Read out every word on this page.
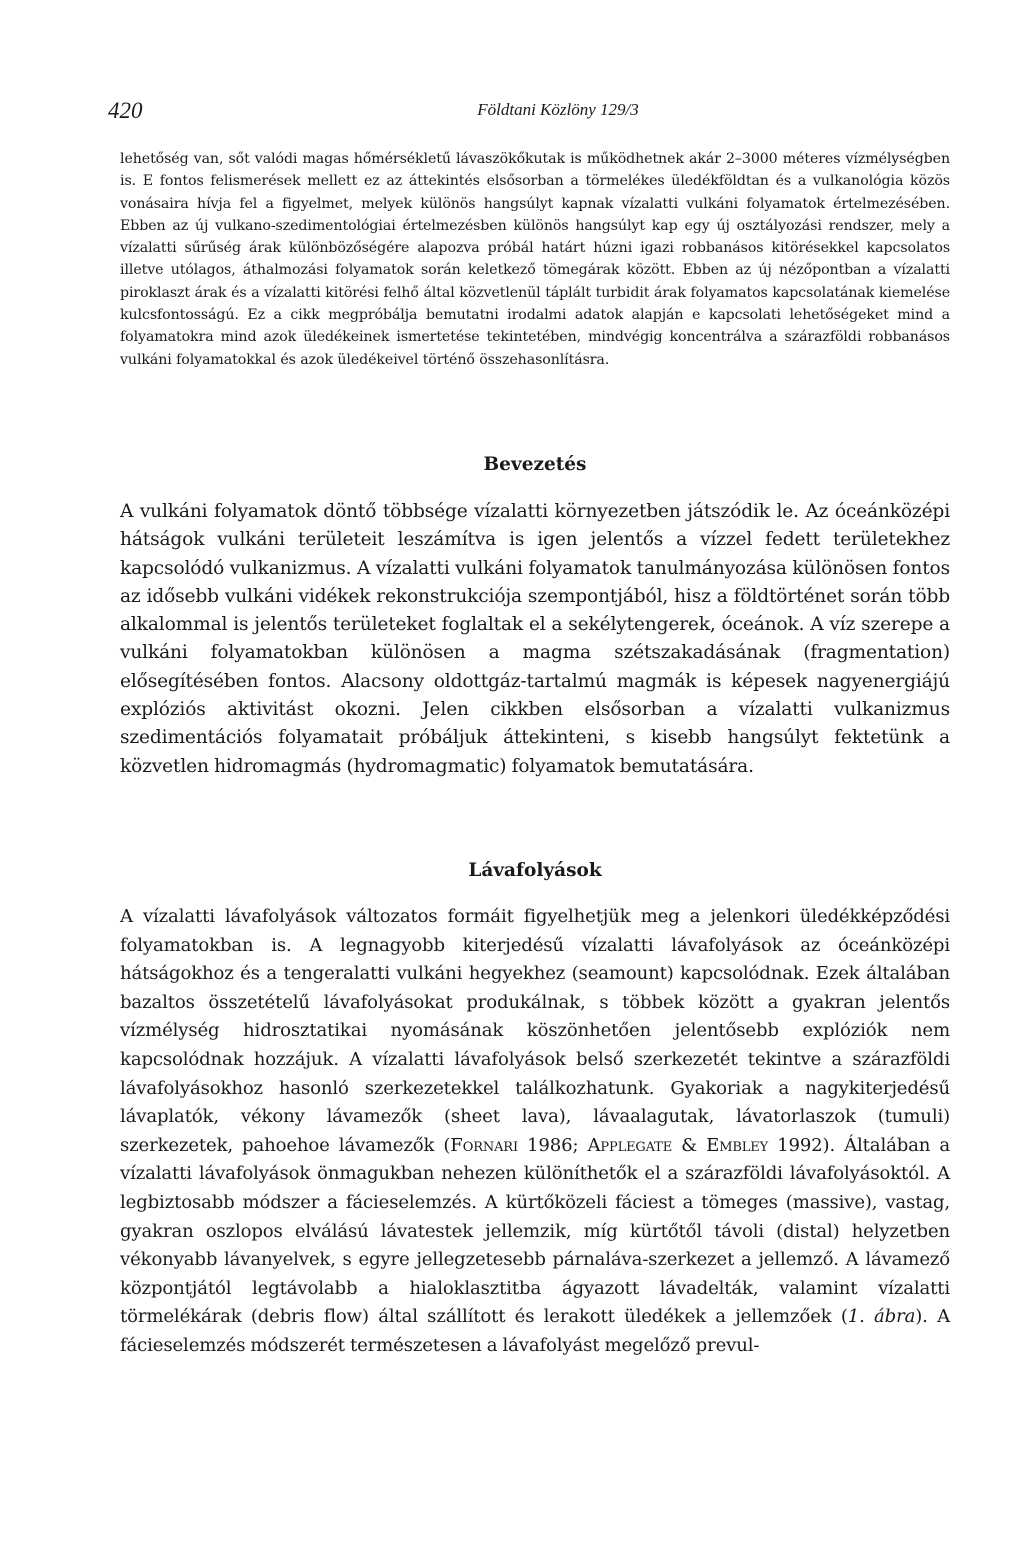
420	Földtani Közlöny 129/3

lehetőség van, sőt valódi magas hőmérsékletű lávaszökőkutak is működhetnek akár 2–3000 méteres vízmélységben is. E fontos felismerések mellett ez az áttekintés elsősorban a törmelékes üledékföldtan és a vulkanológia közös vonásaira hívja fel a figyelmet, melyek különös hangsúlyt kapnak vízalatti vulkáni folyamatok értelmezésében. Ebben az új vulkano-szedimentológiai értelmezésben különös hangsúlyt kap egy új osztályozási rendszer, mely a vízalatti sűrűség árak különbözőségére alapozva próbál határt húzni igazi robbanásos kitörésekkel kapcsolatos illetve utólagos, áthalmozási folyamatok során keletkező tömegárak között. Ebben az új nézőpontban a vízalatti piroklaszt árak és a vízalatti kitörési felhő által közvetlenül táplált turbidit árak folyamatos kapcsolatának kiemelése kulcsfontosságú. Ez a cikk megpróbálja bemutatni irodalmi adatok alapján e kapcsolati lehetőségeket mind a folyamatokra mind azok üledékeinek ismertetése tekintetében, mindvégig koncentrálva a szárazföldi robbanásos vulkáni folyamatokkal és azok üledékeivel történő összehasonlításra.

Bevezetés

A vulkáni folyamatok döntő többsége vízalatti környezetben játszódik le. Az óceánközépi hátságok vulkáni területeit leszámítva is igen jelentős a vízzel fedett területekhez kapcsolódó vulkanizmus. A vízalatti vulkáni folyamatok tanulmányozása különösen fontos az idősebb vulkáni vidékek rekonstrukciója szempontjából, hisz a földtörténet során több alkalommal is jelentős területeket foglaltak el a sekélytengerek, óceánok. A víz szerepe a vulkáni folyamatokban különösen a magma szétszakadásának (fragmentation) elősegítésében fontos. Alacsony oldottgáz-tartalmú magmák is képesek nagyenergiájú explóziós aktivitást okozni. Jelen cikkben elsősorban a vízalatti vulkanizmus szedimentációs folyamatait próbáljuk áttekinteni, s kisebb hangsúlyt fektetünk a közvetlen hidromagmás (hydromagmatic) folyamatok bemutatására.

Lávafolyások

A vízalatti lávafolyások változatos formáit figyelhetjük meg a jelenkori üledékképződési folyamatokban is. A legnagyobb kiterjedésű vízalatti lávafolyások az óceánközépi hátságokhoz és a tengeralatti vulkáni hegyekhez (seamount) kapcsolódnak. Ezek általában bazaltos összetételű lávafolyásokat produkálnak, s többek között a gyakran jelentős vízmélység hidrosztatikai nyomásának köszönhetően jelentősebb explóziók nem kapcsolódnak hozzájuk. A vízalatti lávafolyások belső szerkezetét tekintve a szárazföldi lávafolyásokhoz hasonló szerkezetekkel találkozhatunk. Gyakoriak a nagykiterjedésű lávaplatók, vékony lávamezők (sheet lava), lávaalagutak, lávatorlaszok (tumuli) szerkezetek, pahoehoe lávamezők (Fornari 1986; Applegate & Embley 1992). Általában a vízalatti lávafolyások önmagukban nehezen különíthetők el a szárazföldi lávafolyásoktól. A legbiztosabb módszer a fácieselemzés. A kürtőközeli fáciest a tömeges (massive), vastag, gyakran oszlopos elválású lávatestek jellemzik, míg kürtőtől távoli (distal) helyzetben vékonyabb lávanyelvek, s egyre jellegzetesebb párnaláva-szerkezet a jellemző. A lávamező központjától legtávolabb a hialoklasztitba ágyazott lávadelták, valamint vízalatti törmelékárak (debris flow) által szállított és lerakott üledékek a jellemzőek (1. ábra). A fácieselemzés módszerét természetesen a lávafolyást megelőző prevul-
